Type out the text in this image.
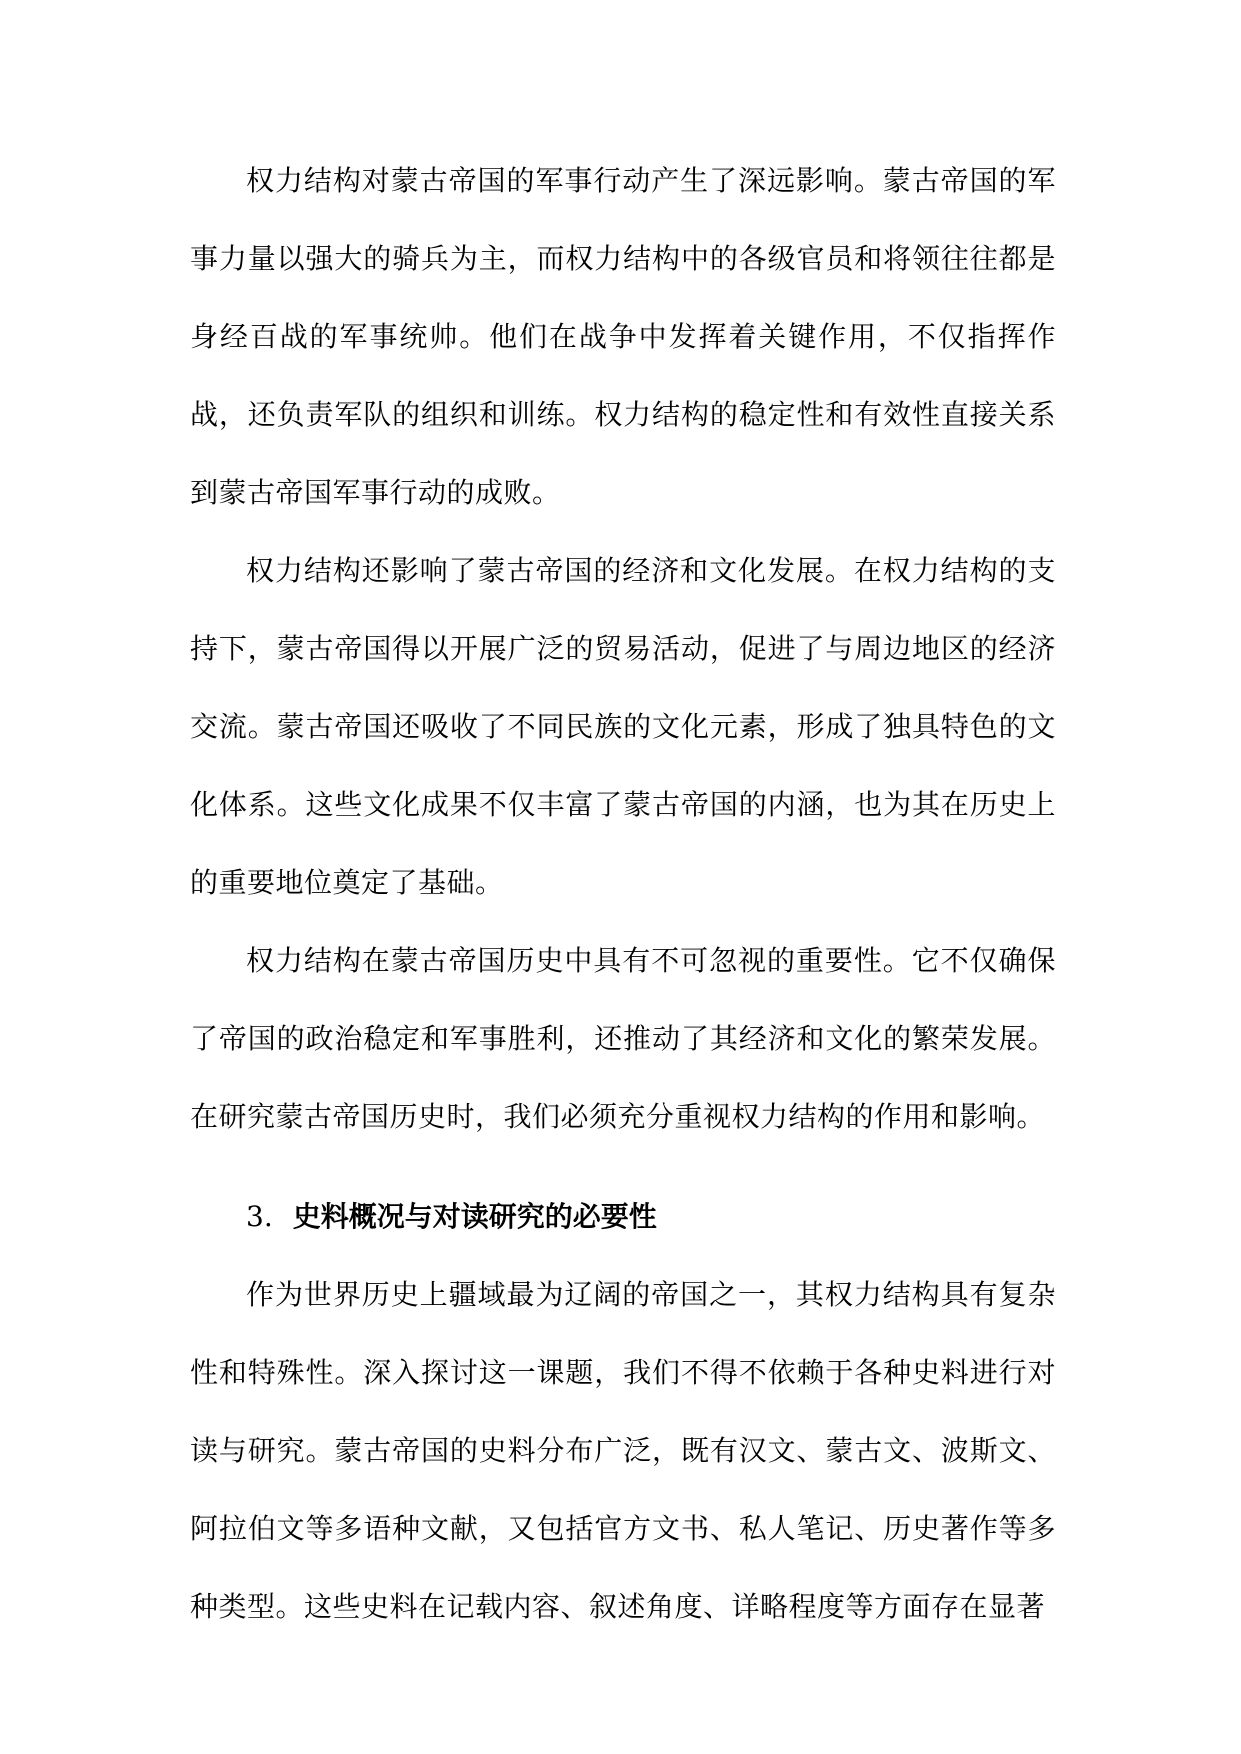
权力结构对蒙古帝国的军事行动产生了深远影响。蒙古帝国的军事力量以强大的骑兵为主，而权力结构中的各级官员和将领往往都是身经百战的军事统帅。他们在战争中发挥着关键作用，不仅指挥作战，还负责军队的组织和训练。权力结构的稳定性和有效性直接关系到蒙古帝国军事行动的成败。

权力结构还影响了蒙古帝国的经济和文化发展。在权力结构的支持下，蒙古帝国得以开展广泛的贸易活动，促进了与周边地区的经济交流。蒙古帝国还吸收了不同民族的文化元素，形成了独具特色的文化体系。这些文化成果不仅丰富了蒙古帝国的内涵，也为其在历史上的重要地位奠定了基础。

权力结构在蒙古帝国历史中具有不可忽视的重要性。它不仅确保了帝国的政治稳定和军事胜利，还推动了其经济和文化的繁荣发展。在研究蒙古帝国历史时，我们必须充分重视权力结构的作用和影响。

3. 史料概况与对读研究的必要性

作为世界历史上疆域最为辽阔的帝国之一，其权力结构具有复杂性和特殊性。深入探讨这一课题，我们不得不依赖于各种史料进行对读与研究。蒙古帝国的史料分布广泛，既有汉文、蒙古文、波斯文、阿拉伯文等多语种文献，又包括官方文书、私人笔记、历史著作等多种类型。这些史料在记载内容、叙述角度、详略程度等方面存在显著
